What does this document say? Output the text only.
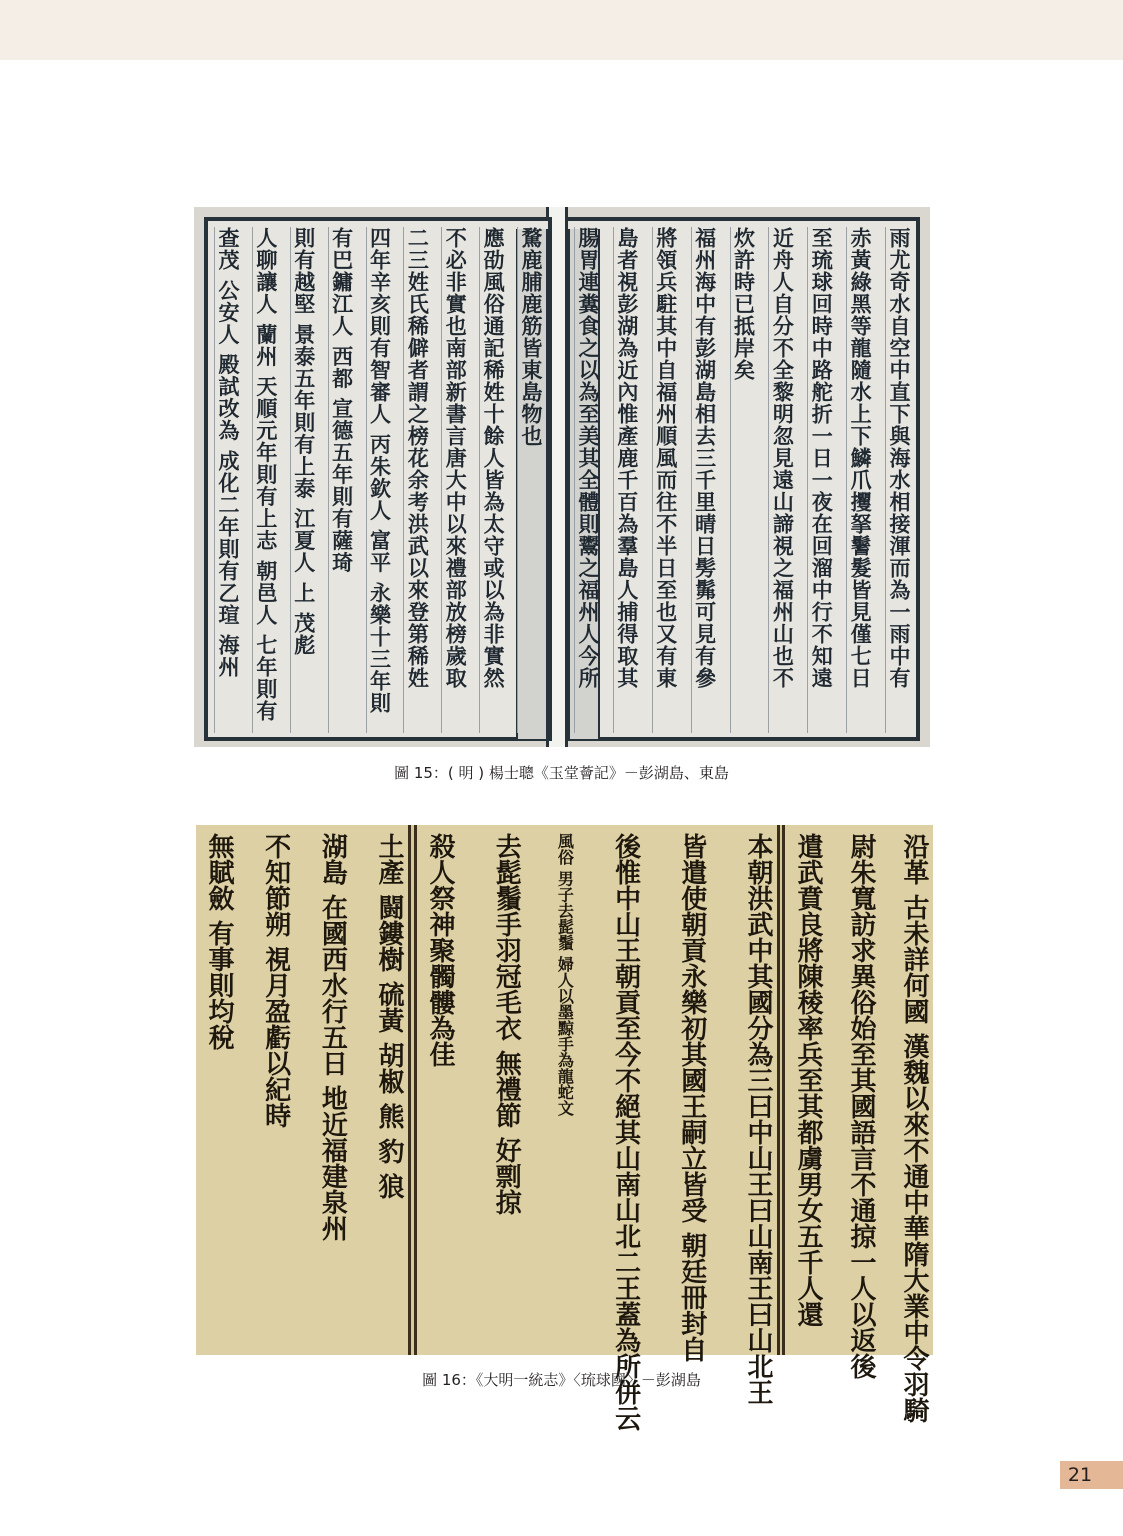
雨尤奇水自空中直下與海水相接渾而為一雨中有
赤黃綠黑等龍隨水上下鱗爪攫拏鬐髮皆見僅七日
至琉球回時中路舵折一日一夜在回溜中行不知遠
近舟人自分不全黎明忽見遠山諦視之福州山也不
炊許時已抵岸矣
福州海中有彭湖島相去三千里晴日髣髴可見有參
將領兵駐其中自福州順風而往不半日至也又有東
島者視彭湖為近內惟產鹿千百為羣島人捕得取其
腸胃連糞食之以為至美其全體則鬻之福州人今所
騖鹿脯鹿筋皆東島物也
應劭風俗通記稀姓十餘人皆為太守或以為非實然
不必非實也南部新書言唐大中以來禮部放榜歲取
二三姓氏稀僻者謂之榜花余考洪武以來登第稀姓
四年辛亥則有智審人 丙朱欽人 富平 永樂十三年則
有巴鏞江人 西都 宣德五年則有薩琦
則有越堅 景泰五年則有上泰 江夏人 上 茂彪
人聊讓人 蘭州 天順元年則有上志 朝邑人 七年則有
查茂 公安人 殿試改為 成化二年則有乙瑄 海州
圖 15：( 明 ) 楊士聰《玉堂薈記》－彭湖島、東島
沿革 古未詳何國 漢魏以來不通中華隋大業中令羽騎
尉朱寬訪求異俗始至其國語言不通掠一人以返後
遣武賁良將陳稜率兵至其都虜男女五千人還
本朝洪武中其國分為三曰中山王曰山南王曰山北王
皆遣使朝貢永樂初其國王嗣立皆受 朝廷冊封自
後惟中山王朝貢至今不絕其山南山北二王蓋為所併云
風俗 男子去髭鬚 婦人以墨黥手為龍蛇文
去髭鬚手羽冠毛衣 無禮節 好剽掠
殺人祭神聚髑髏為佳
土產 闘鏤樹 硫黃 胡椒 熊 豹 狼
湖島 在國西水行五日 地近福建泉州
不知節朔 視月盈虧以紀時
無賦斂 有事則均稅
圖 16：《大明一統志》〈琉球國〉－彭湖島
21
